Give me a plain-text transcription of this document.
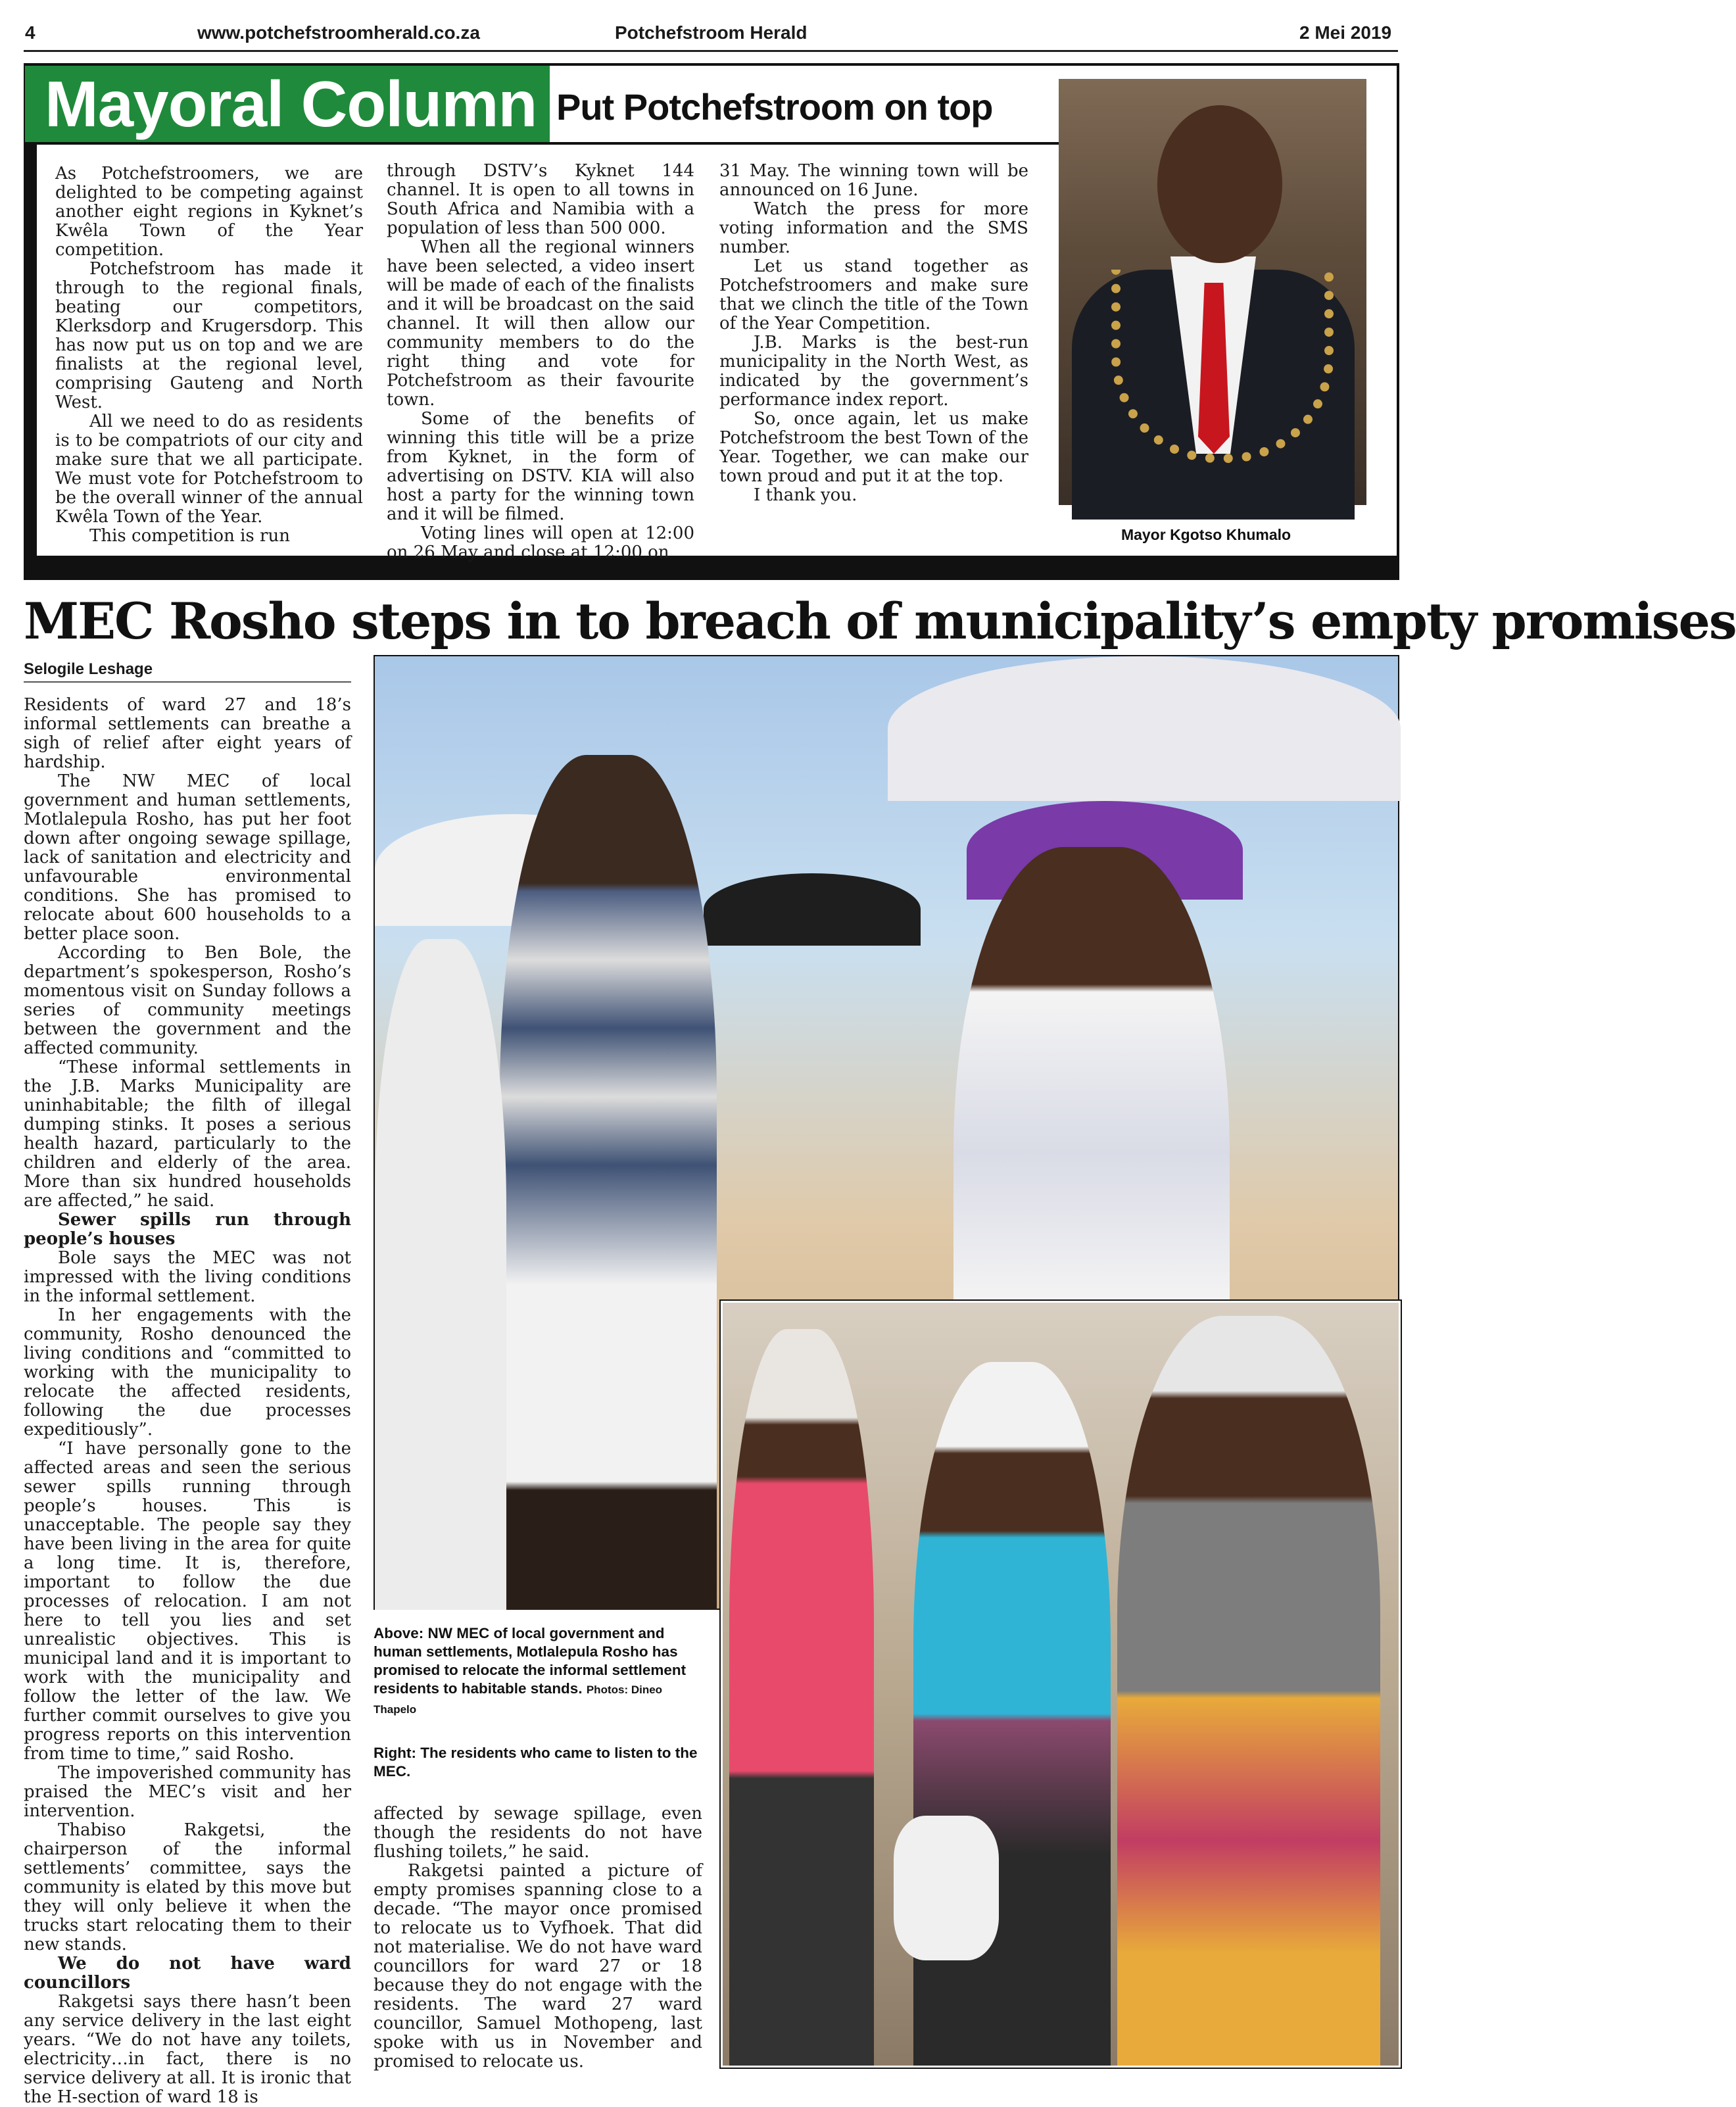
4	www.potchefstroomherald.co.za	Potchefstroom Herald	2 Mei 2019
Mayoral Column Put Potchefstroom on top
Mayor Kgotso Khumalo

As Potchefstroomers, we are delighted to be competing against another eight regions in Kyknet’s Kwêla Town of the Year competition.

Potchefstroom has made it through to the regional finals, beating our competitors, Klerksdorp and Krugersdorp. This has now put us on top and we are finalists at the regional level, comprising Gauteng and North West.

All we need to do as residents is to be compatriots of our city and make sure that we all participate. We must vote for Potchefstroom to be the overall winner of the annual Kwêla Town of the Year.

This competition is run

through DSTV’s Kyknet 144 channel. It is open to all towns in South Africa and Namibia with a population of less than 500 000.

When all the regional winners have been selected, a video insert will be made of each of the finalists and it will be broadcast on the said channel. It will then allow our community members to do the right thing and vote for Potchefstroom as their favourite town.

Some of the benefits of winning this title will be a prize from Kyknet, in the form of advertising on DSTV. KIA will also host a party for the winning town and it will be filmed.

Voting lines will open at 12:00 on 26 May and close at 12:00 on

31 May. The winning town will be announced on 16 June.

Watch the press for more voting information and the SMS number.

Let us stand together as Potchefstroomers and make sure that we clinch the title of the Town of the Year Competition.

J.B. Marks is the best-run municipality in the North West, as indicated by the government’s performance index report.

So, once again, let us make Potchefstroom the best Town of the Year. Together, we can make our town proud and put it at the top.

I thank you.

MEC Rosho steps in to breach of municipality’s empty promises
Selogile Leshage

Residents of ward 27 and 18’s informal settlements can breathe a sigh of relief after eight years of hardship.

The NW MEC of local government and human settlements, Motlalepula Rosho, has put her foot down after ongoing sewage spillage, lack of sanitation and electricity and unfavourable environmental conditions. She has promised to relocate about 600 households to a better place soon.

According to Ben Bole, the department’s spokesperson, Rosho’s momentous visit on Sunday follows a series of community meetings between the government and the affected community.

“These informal settlements in the J.B. Marks Municipality are uninhabitable; the filth of illegal dumping stinks. It poses a serious health hazard, particularly to the children and elderly of the area. More than six hundred households are affected,” he said.

Sewer spills run through people’s houses

Bole says the MEC was not impressed with the living conditions in the informal settlement.

In her engagements with the community, Rosho denounced the living conditions and “committed to working with the municipality to relocate the affected residents, following the due processes expeditiously”.

“I have personally gone to the affected areas and seen the serious sewer spills running through people’s houses. This is unacceptable. The people say they have been living in the area for quite a long time. It is, therefore, important to follow the due processes of relocation. I am not here to tell you lies and set unrealistic objectives. This is municipal land and it is important to work with the municipality and follow the letter of the law. We further commit ourselves to give you progress reports on this intervention from time to time,” said Rosho.

The impoverished community has praised the MEC’s visit and her intervention.

Thabiso Rakgetsi, the chairperson of the informal settlements’ committee, says the community is elated by this move but they will only believe it when the trucks start relocating them to their new stands.

We do not have ward councillors

Rakgetsi says there hasn’t been any service delivery in the last eight years. “We do not have any toilets, electricity…in fact, there is no service delivery at all. It is ironic that the H-section of ward 18 is

Above: NW MEC of local government and human settlements, Motlalepula Rosho has promised to relocate the informal settlement residents to habitable stands. Photos: Dineo Thapelo
Right: The residents who came to listen to the MEC.

affected by sewage spillage, even though the residents do not have flushing toilets,” he said.

Rakgetsi painted a picture of empty promises spanning close to a decade. “The mayor once promised to relocate us to Vyfhoek. That did not materialise. We do not have ward councillors for ward 27 or 18 because they do not engage with the residents. The ward 27 ward councillor, Samuel Mothopeng, last spoke with us in November and promised to relocate us.
